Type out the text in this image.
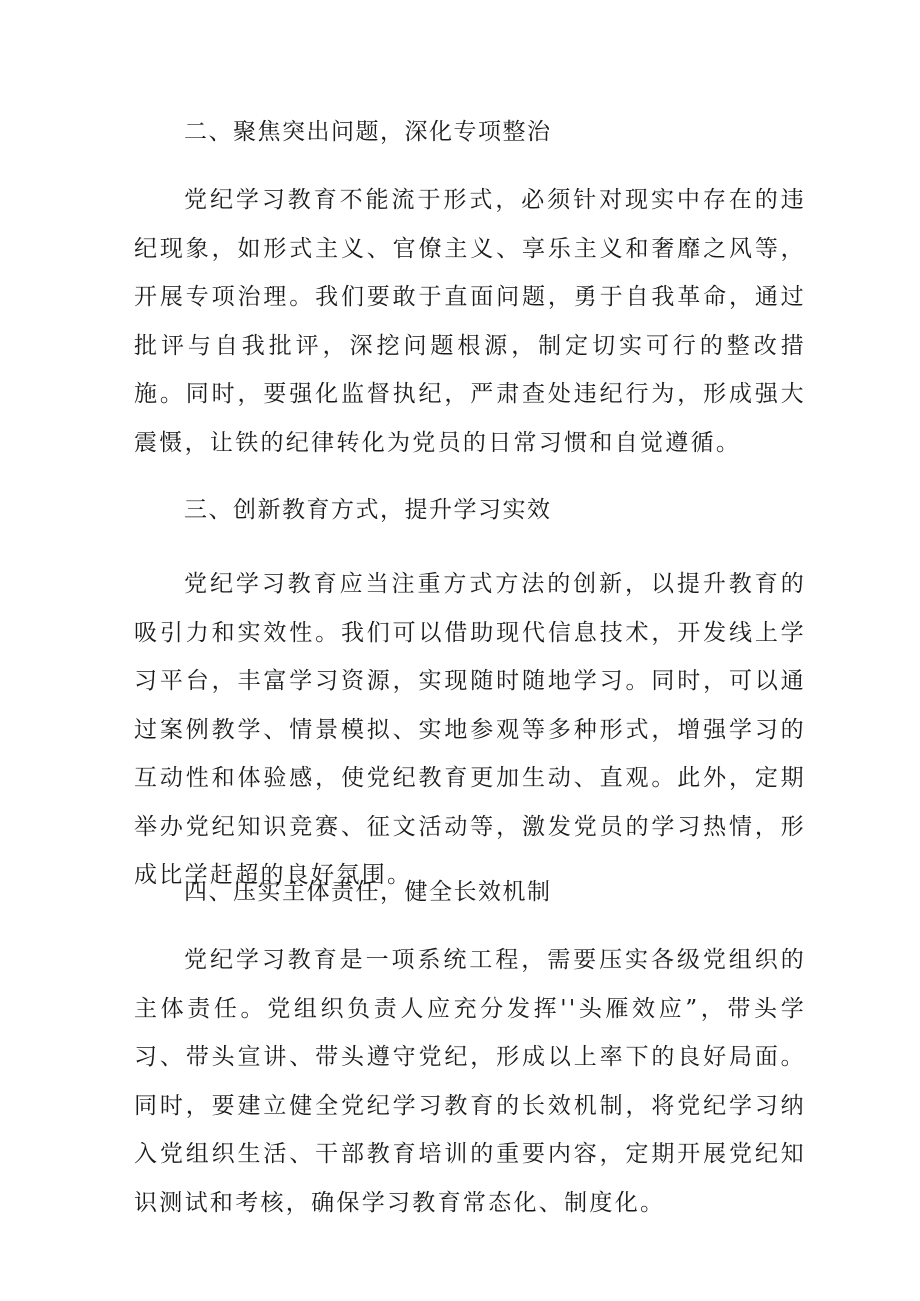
二、聚焦突出问题，深化专项整治

党纪学习教育不能流于形式，必须针对现实中存在的违纪现象，如形式主义、官僚主义、享乐主义和奢靡之风等，开展专项治理。我们要敢于直面问题，勇于自我革命，通过批评与自我批评，深挖问题根源，制定切实可行的整改措施。同时，要强化监督执纪，严肃查处违纪行为，形成强大震慑，让铁的纪律转化为党员的日常习惯和自觉遵循。

三、创新教育方式，提升学习实效

党纪学习教育应当注重方式方法的创新，以提升教育的吸引力和实效性。我们可以借助现代信息技术，开发线上学习平台，丰富学习资源，实现随时随地学习。同时，可以通过案例教学、情景模拟、实地参观等多种形式，增强学习的互动性和体验感，使党纪教育更加生动、直观。此外，定期举办党纪知识竞赛、征文活动等，激发党员的学习热情，形成比学赶超的良好氛围。

四、压实主体责任，健全长效机制

党纪学习教育是一项系统工程，需要压实各级党组织的主体责任。党组织负责人应充分发挥''头雁效应”，带头学习、带头宣讲、带头遵守党纪，形成以上率下的良好局面。同时，要建立健全党纪学习教育的长效机制，将党纪学习纳入党组织生活、干部教育培训的重要内容，定期开展党纪知识测试和考核，确保学习教育常态化、制度化。
